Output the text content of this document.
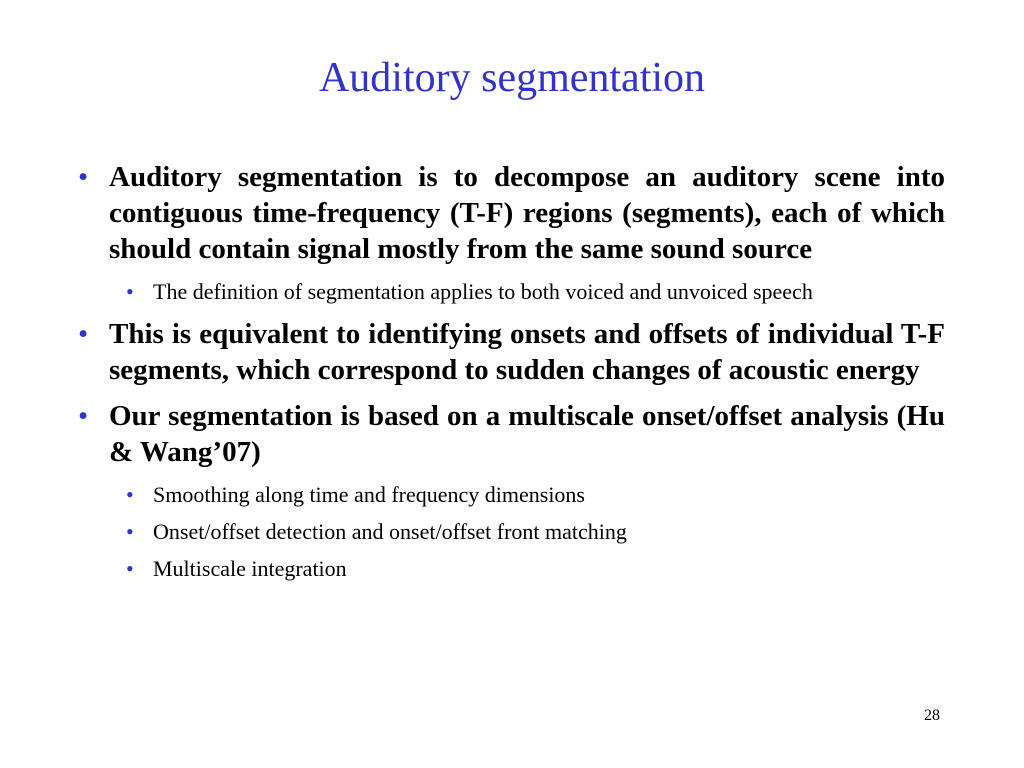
Auditory segmentation
• Auditory segmentation is to decompose an auditory scene into contiguous time-frequency (T-F) regions (segments), each of which should contain signal mostly from the same sound source
• The definition of segmentation applies to both voiced and unvoiced speech
• This is equivalent to identifying onsets and offsets of individual T-F segments, which correspond to sudden changes of acoustic energy
• Our segmentation is based on a multiscale onset/offset analysis (Hu & Wang’07)
• Smoothing along time and frequency dimensions
• Onset/offset detection and onset/offset front matching
• Multiscale integration
28
